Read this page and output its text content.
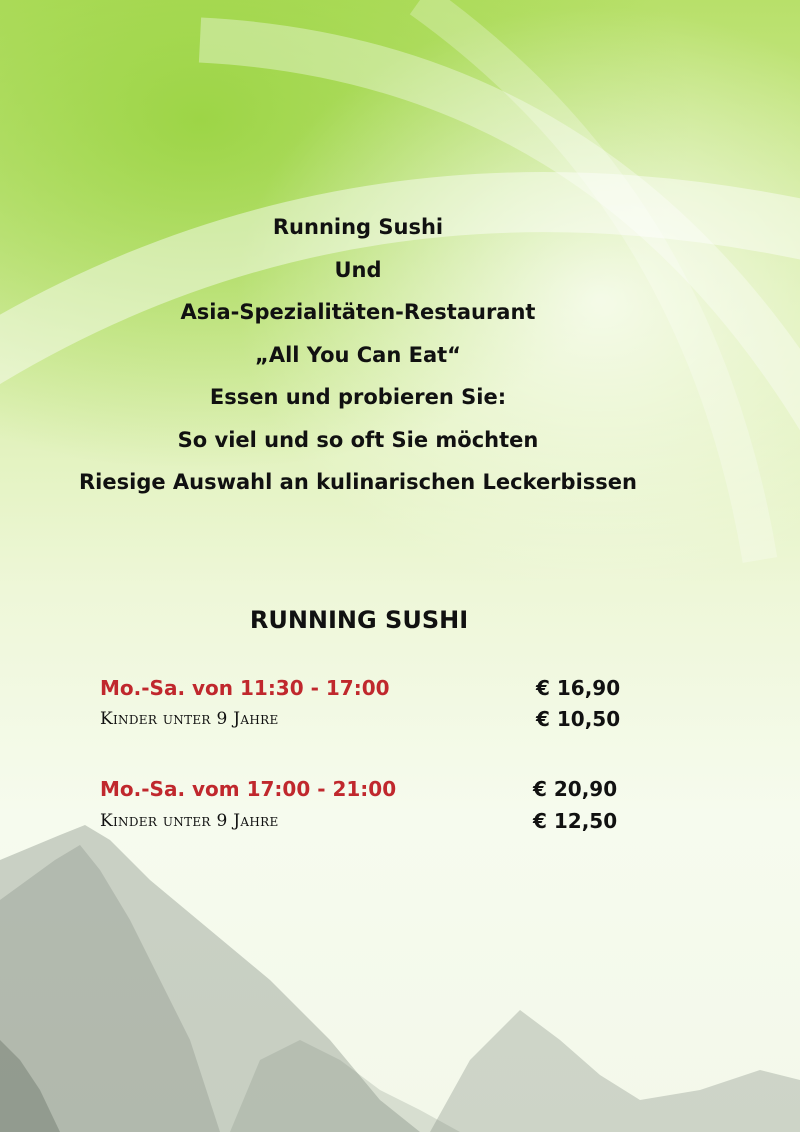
Running Sushi
Und
Asia-Spezialitäten-Restaurant
„All You Can Eat“
Essen und probieren Sie:
So viel und so oft Sie möchten
Riesige Auswahl an kulinarischen Leckerbissen
RUNNING SUSHI
Mo.-Sa. von 11:30 - 17:00	€ 16,90
Kinder unter 9 Jahre	€ 10,50
Mo.-Sa. vom 17:00 - 21:00	€ 20,90
Kinder unter 9 Jahre	€ 12,50
